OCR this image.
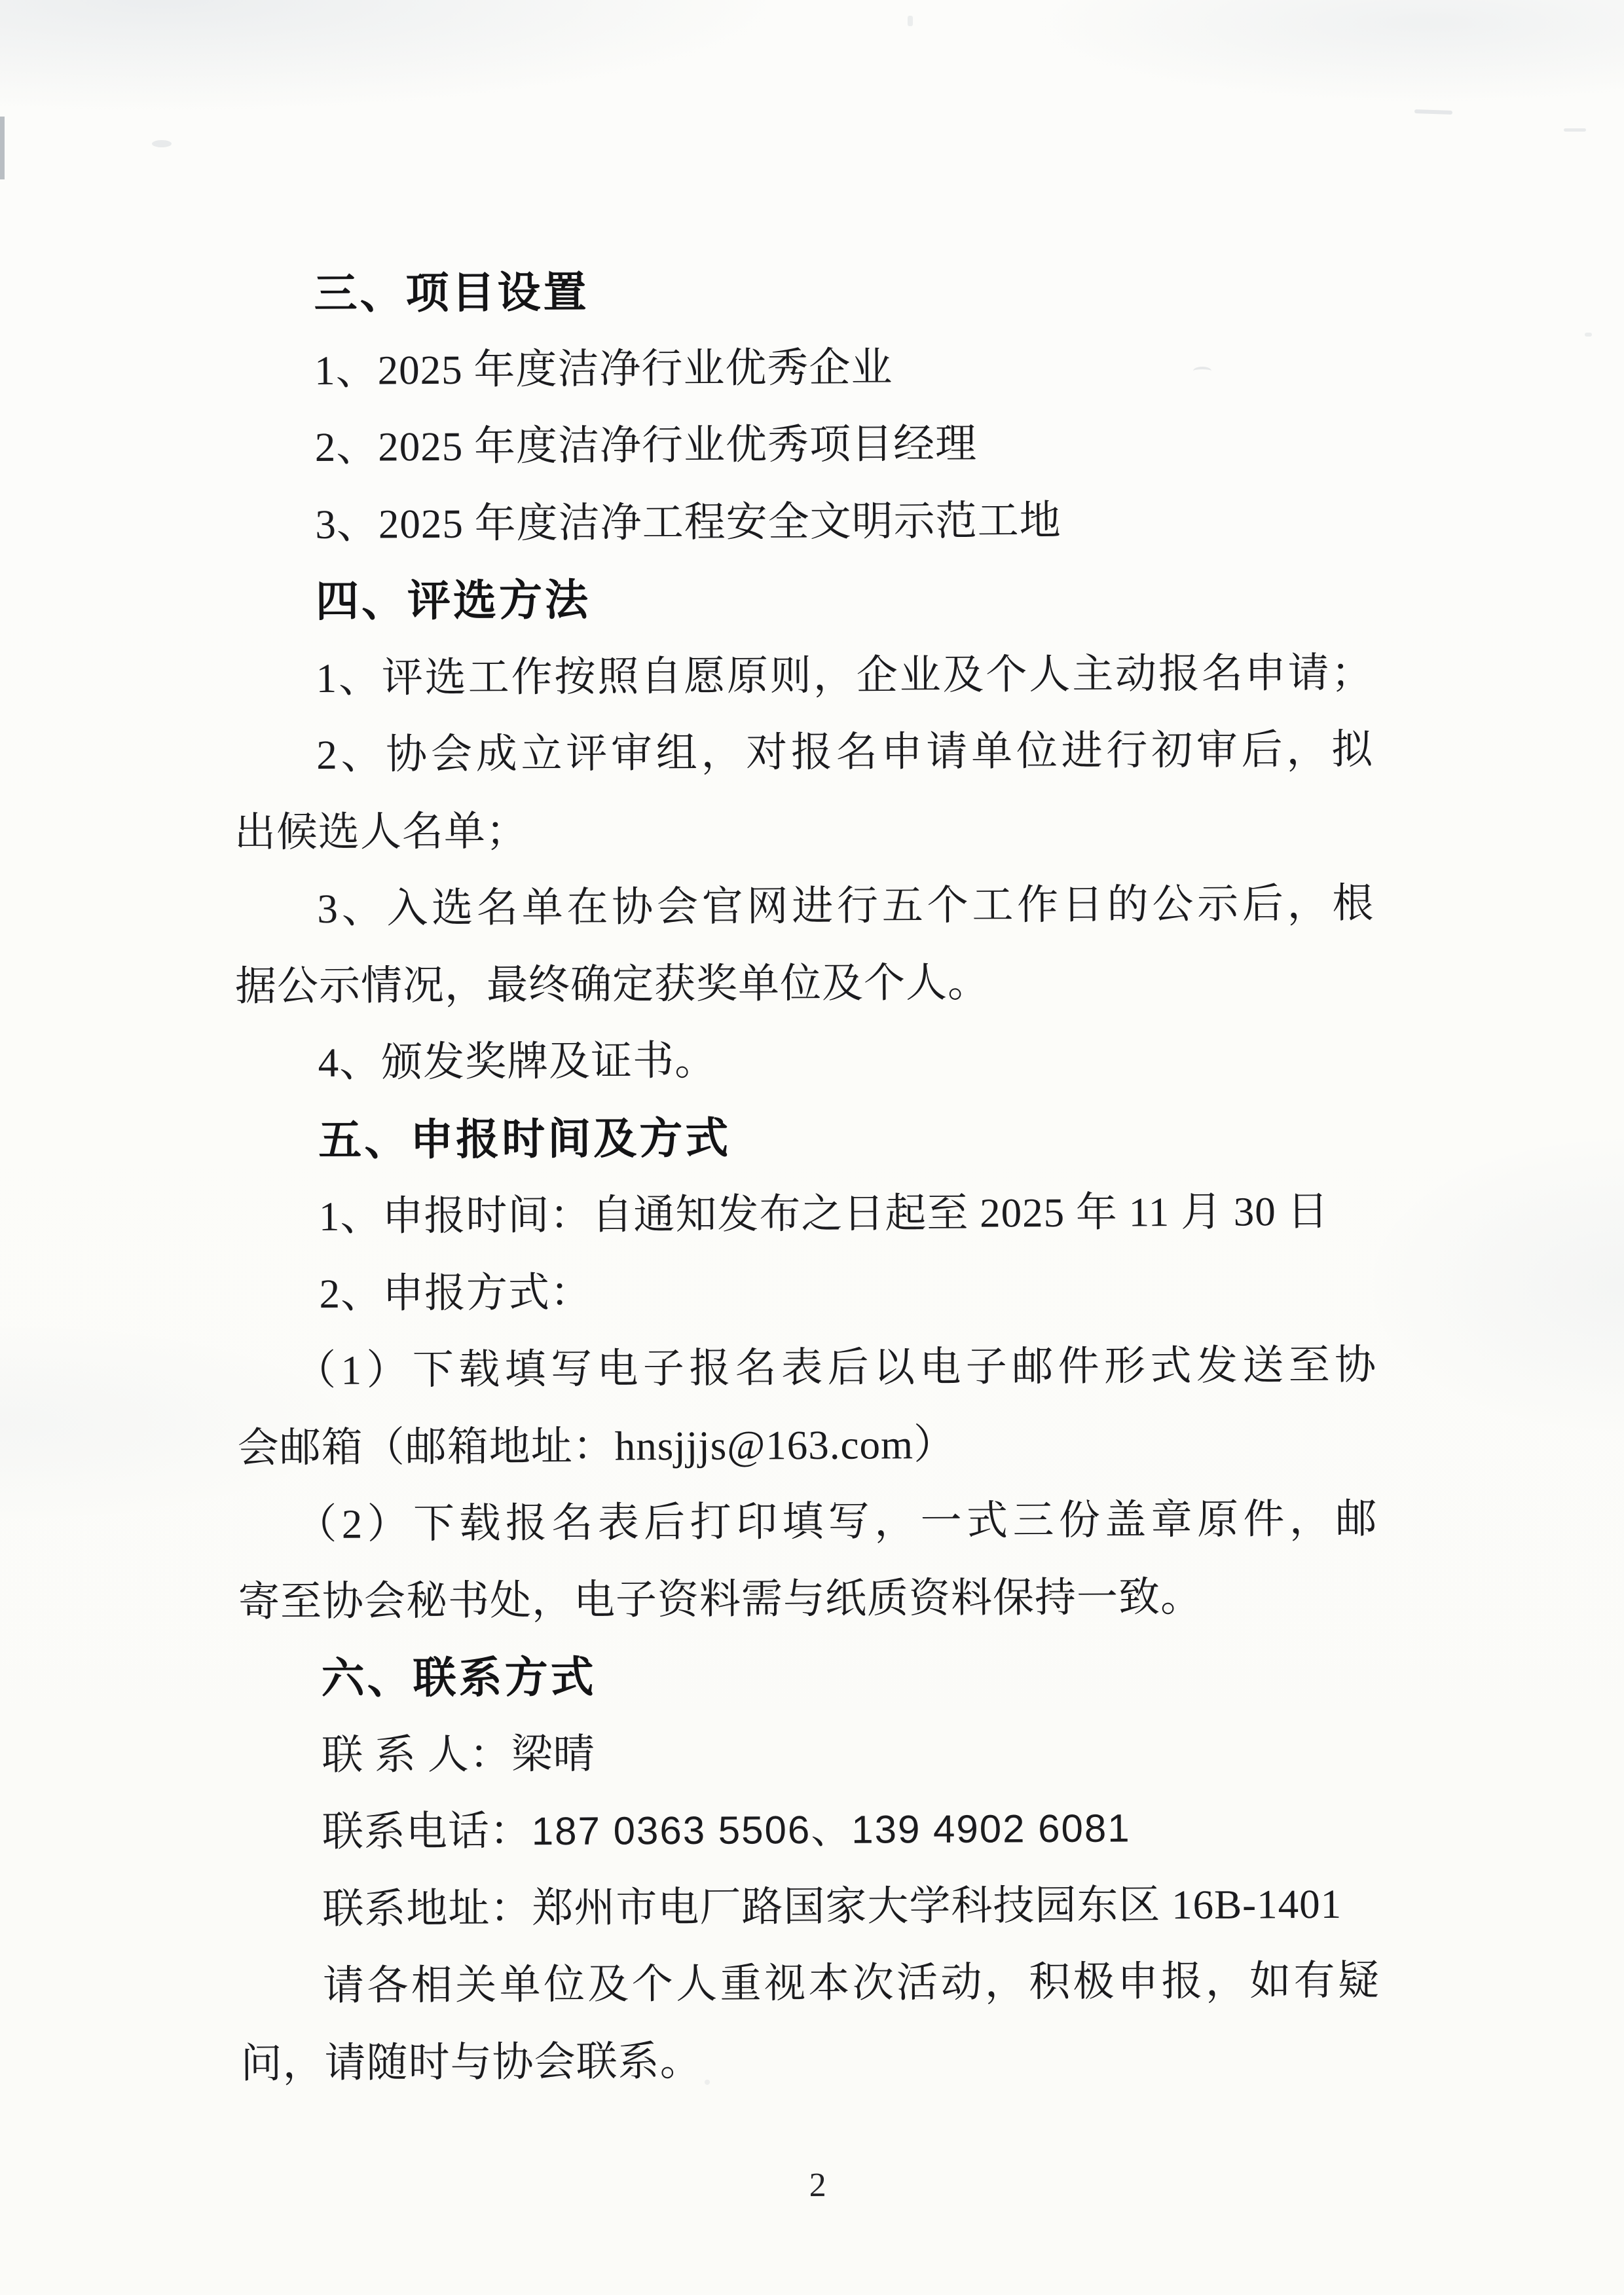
三、项目设置
1、2025 年度洁净行业优秀企业
2、2025 年度洁净行业优秀项目经理
3、2025 年度洁净工程安全文明示范工地
四、评选方法
1、评选工作按照自愿原则，企业及个人主动报名申请；
2、协会成立评审组，对报名申请单位进行初审后，拟
出候选人名单；
3、入选名单在协会官网进行五个工作日的公示后，根
据公示情况，最终确定获奖单位及个人。
4、颁发奖牌及证书。
五、申报时间及方式
1、申报时间：自通知发布之日起至 2025 年 11 月 30 日
2、申报方式：
（1）下载填写电子报名表后以电子邮件形式发送至协
会邮箱（邮箱地址：hnsjjjs@163.com）
（2）下载报名表后打印填写，一式三份盖章原件，邮
寄至协会秘书处，电子资料需与纸质资料保持一致。
六、联系方式
联 系 人：梁晴
联系电话：187 0363 5506、139 4902 6081
联系地址：郑州市电厂路国家大学科技园东区 16B-1401
请各相关单位及个人重视本次活动，积极申报，如有疑
问，请随时与协会联系。
2
